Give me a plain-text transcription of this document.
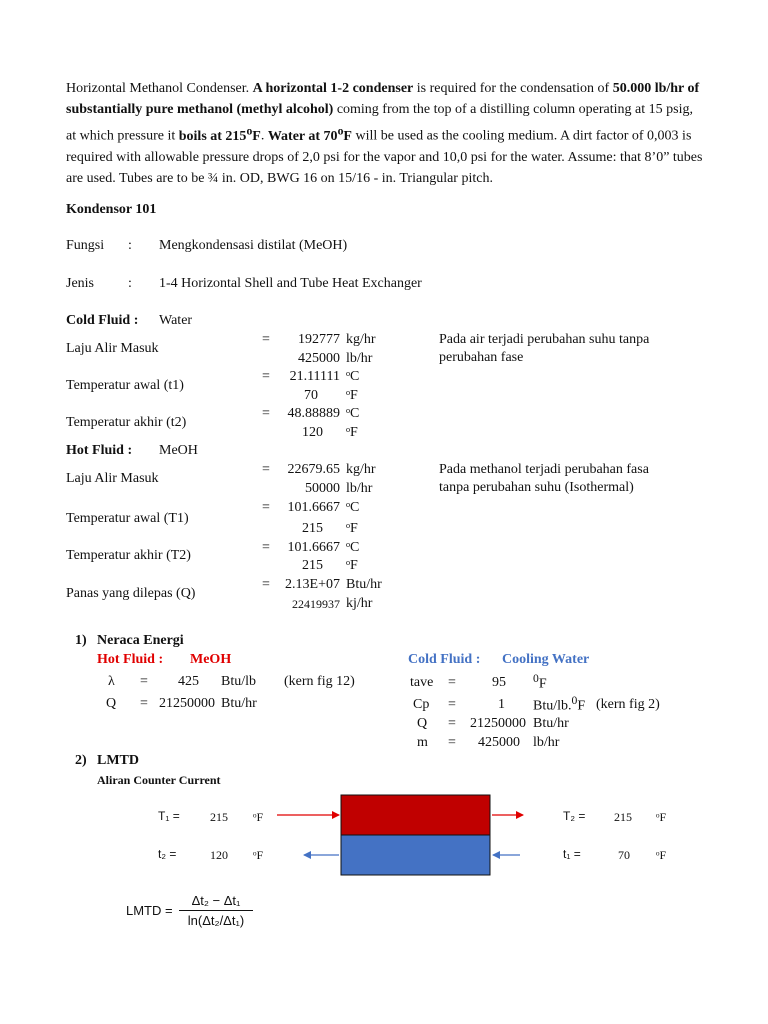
Horizontal Methanol Condenser. A horizontal 1-2 condenser is required for the condensation of 50.000 lb/hr of substantially pure methanol (methyl alcohol) coming from the top of a distilling column operating at 15 psig, at which pressure it boils at 215$^o$F. Water at 70$^o$F will be used as the cooling medium. A dirt factor of 0,003 is required with allowable pressure drops of 2,0 psi for the vapor and 10,0 psi for the water. Assume: that 8’0” tubes are used. Tubes are to be ¾ in. OD, BWG 16 on 15/16 - in. Triangular pitch.
Kondensor 101
Fungsi : Mengkondensasi distilat (MeOH)
Jenis : 1-4 Horizontal Shell and Tube Heat Exchanger
Cold Fluid : Water
Laju Alir Masuk
=	192777 kg/hr
425000 lb/hr
Temperatur awal (t1)
=	21.11111 ᵒC
70 ᵒF
Temperatur akhir (t2)
=	48.88889 ᵒC
120 ᵒF
Pada air terjadi perubahan suhu tanpa
perubahan fase
Hot Fluid : MeOH
Laju Alir Masuk
=	22679.65 kg/hr
50000 lb/hr
Temperatur awal (T1)
=	101.6667 ᵒC
215 ᵒF
Temperatur akhir (T2)
=	101.6667 ᵒC
215 ᵒF
Panas yang dilepas (Q)
=	2.13E+07 Btu/hr
22419937 kj/hr
Pada methanol terjadi perubahan fasa
tanpa perubahan suhu (Isothermal)
1) Neraca Energi
Hot Fluid : MeOH
λ = 425 Btu/lb (kern fig 12)
Q = 21250000 Btu/hr
Cold Fluid : Cooling Water
tave =	95 $^0$F
Cp =	1 Btu/lb.$^0$F (kern fig 2)
Q = 21250000 Btu/hr
m = 425000 lb/hr
2) LMTD
Aliran Counter Current
T₁ =	215 ᵒF
t₂ =	120 ᵒF
T₂ = 215 ᵒF
t₁ =	70 ᵒF
LMTD =
Δt₂ − Δt₁
ln(Δt₂/Δt₁)
